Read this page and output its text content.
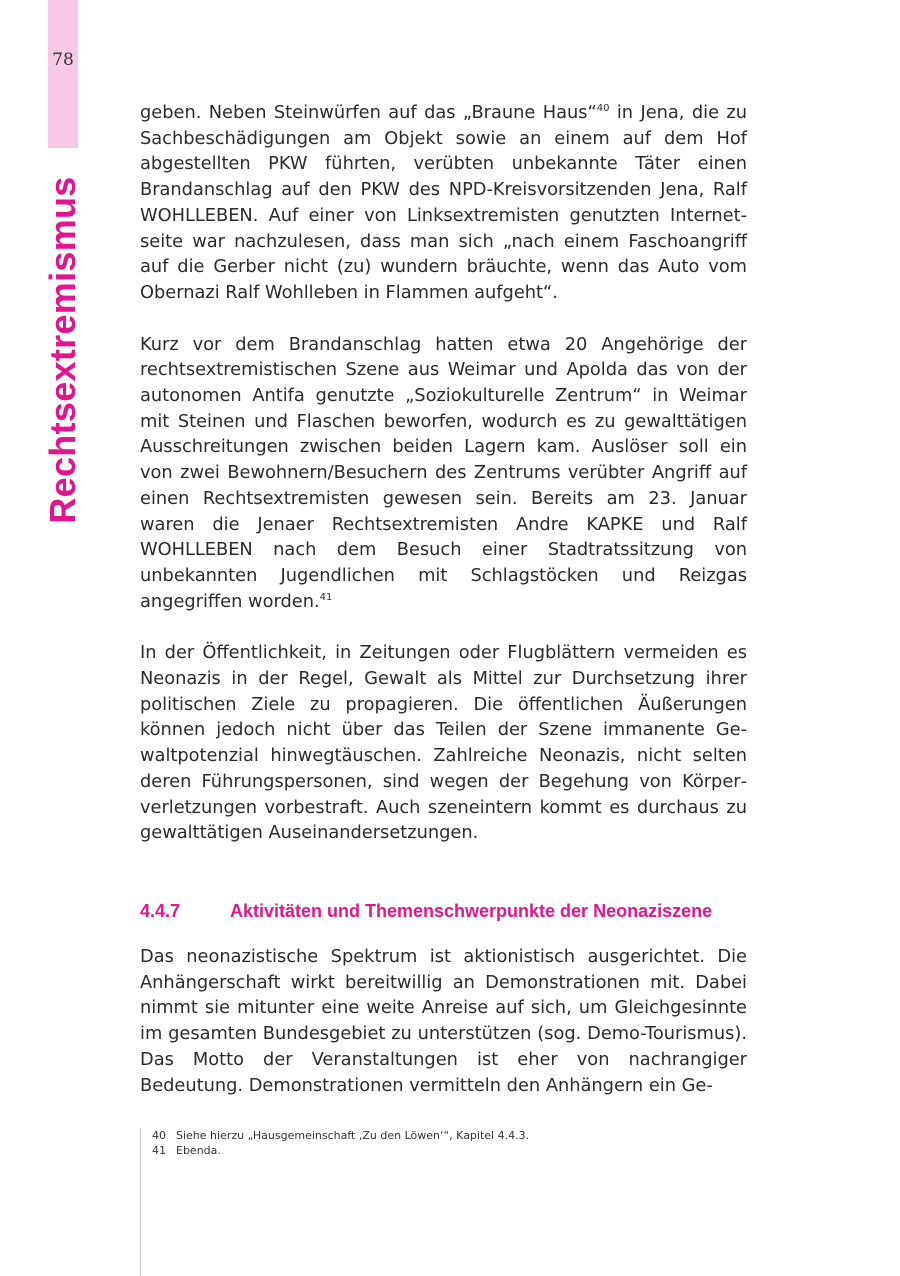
78
Rechtsextremismus

geben. Neben Steinwürfen auf das „Braune Haus“$^{40}$ in Jena, die zu Sachbeschädigungen am Objekt sowie an einem auf dem Hof abgestellten PKW führten, verübten unbekannte Täter einen Brandanschlag auf den PKW des NPD-Kreisvorsitzenden Jena, Ralf WOHLLEBEN. Auf einer von Linksextremisten genutzten Internetseite war nachzulesen, dass man sich „nach einem Faschoangriff auf die Gerber nicht (zu) wundern bräuchte, wenn das Auto vom Obernazi Ralf Wohlleben in Flammen aufgeht“.

Kurz vor dem Brandanschlag hatten etwa 20 Angehörige der rechtsextremistischen Szene aus Weimar und Apolda das von der autonomen Antifa genutzte „Soziokulturelle Zentrum“ in Weimar mit Steinen und Flaschen beworfen, wodurch es zu gewalttätigen Ausschreitungen zwischen beiden Lagern kam. Auslöser soll ein von zwei Bewohnern/Besuchern des Zentrums verübter Angriff auf einen Rechtsextremisten gewesen sein. Bereits am 23. Januar waren die Jenaer Rechtsextremisten Andre KAPKE und Ralf WOHLLEBEN nach dem Besuch einer Stadtratssitzung von unbekannten Jugendlichen mit Schlagstöcken und Reizgas angegriffen worden.$^{41}$

In der Öffentlichkeit, in Zeitungen oder Flugblättern vermeiden es Neonazis in der Regel, Gewalt als Mittel zur Durchsetzung ihrer politischen Ziele zu propagieren. Die öffentlichen Äußerungen können jedoch nicht über das Teilen der Szene immanente Gewaltpotenzial hinwegtäuschen. Zahlreiche Neonazis, nicht selten deren Führungspersonen, sind wegen der Begehung von Körperverletzungen vorbestraft. Auch szeneintern kommt es durchaus zu gewalttätigen Auseinandersetzungen.

4.4.7	Aktivitäten und Themenschwerpunkte der Neonaziszene

Das neonazistische Spektrum ist aktionistisch ausgerichtet. Die Anhängerschaft wirkt bereitwillig an Demonstrationen mit. Dabei nimmt sie mitunter eine weite Anreise auf sich, um Gleichgesinnte im gesamten Bundesgebiet zu unterstützen (sog. Demo-Tourismus). Das Motto der Veranstaltungen ist eher von nachrangiger Bedeutung. Demonstrationen vermitteln den Anhängern ein Ge-

40 Siehe hierzu „Hausgemeinschaft ‚Zu den Löwen‘“, Kapitel 4.4.3.
41 Ebenda.
